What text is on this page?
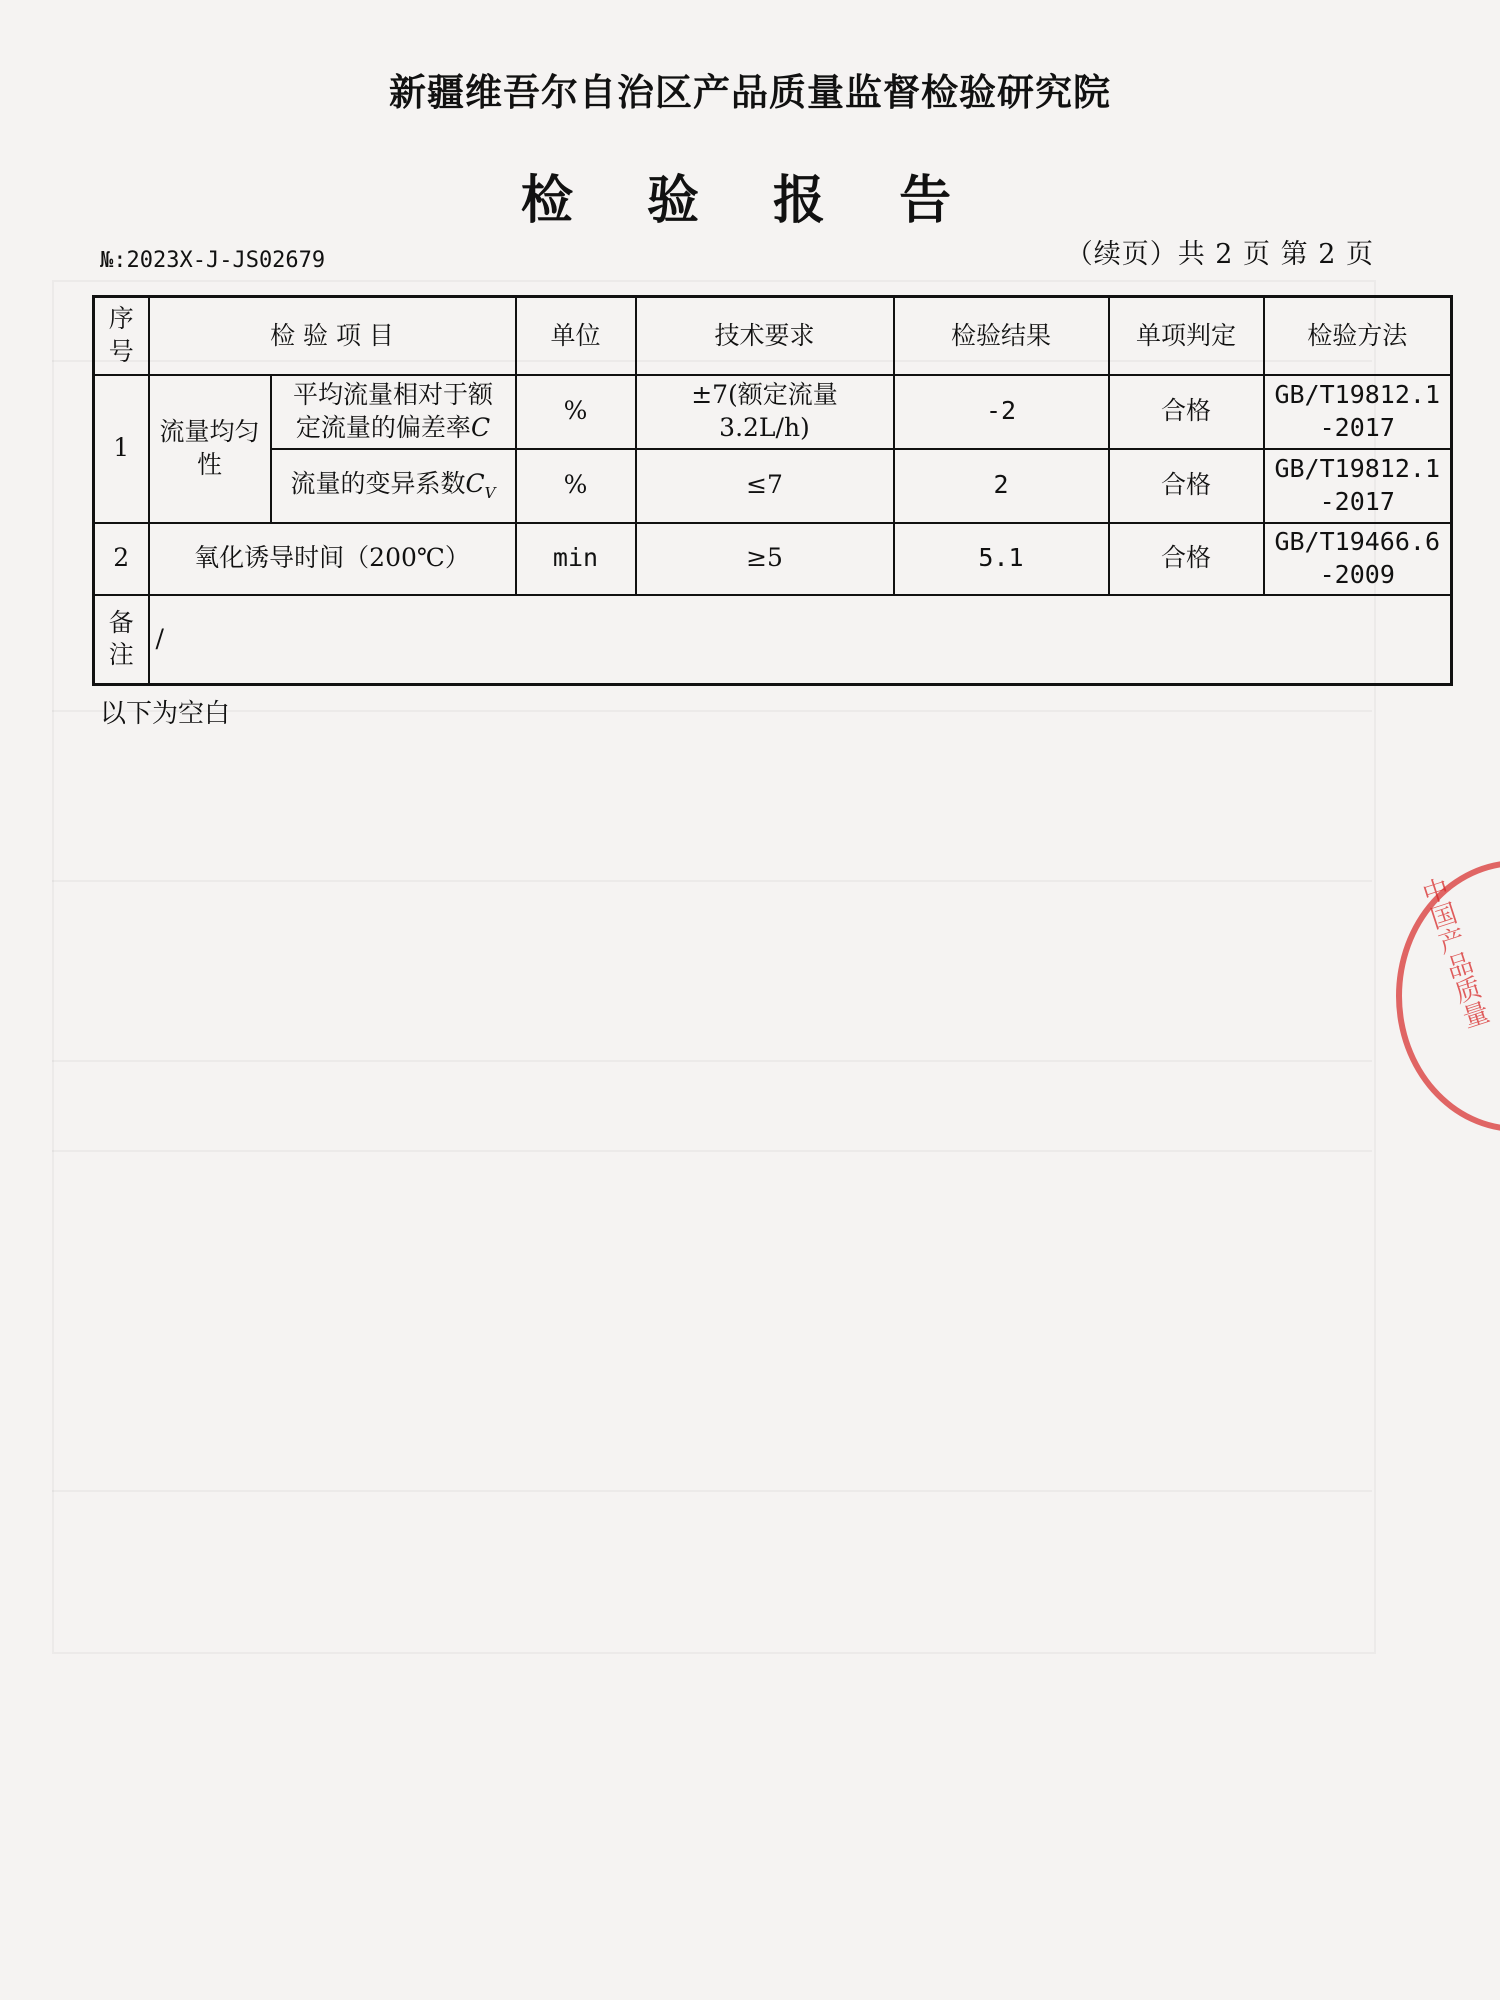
新疆维吾尔自治区产品质量监督检验研究院
检 验 报 告
№:2023X-J-JS02679	（续页）共 2 页 第 2 页
序号	检 验 项 目		单位	技术要求	检验结果	单项判定	检验方法
1	流量均匀性	平均流量相对于额定流量的偏差率C	%	±7(额定流量3.2L/h)	-2	合格	GB/T19812.1-2017
		流量的变异系数$C_V$	%	≤7	2	合格	GB/T19812.1-2017
2	氧化诱导时间（200℃）		min	≥5	5.1	合格	GB/T19466.6-2009
备注	/						
以下为空白
中国产品质量
